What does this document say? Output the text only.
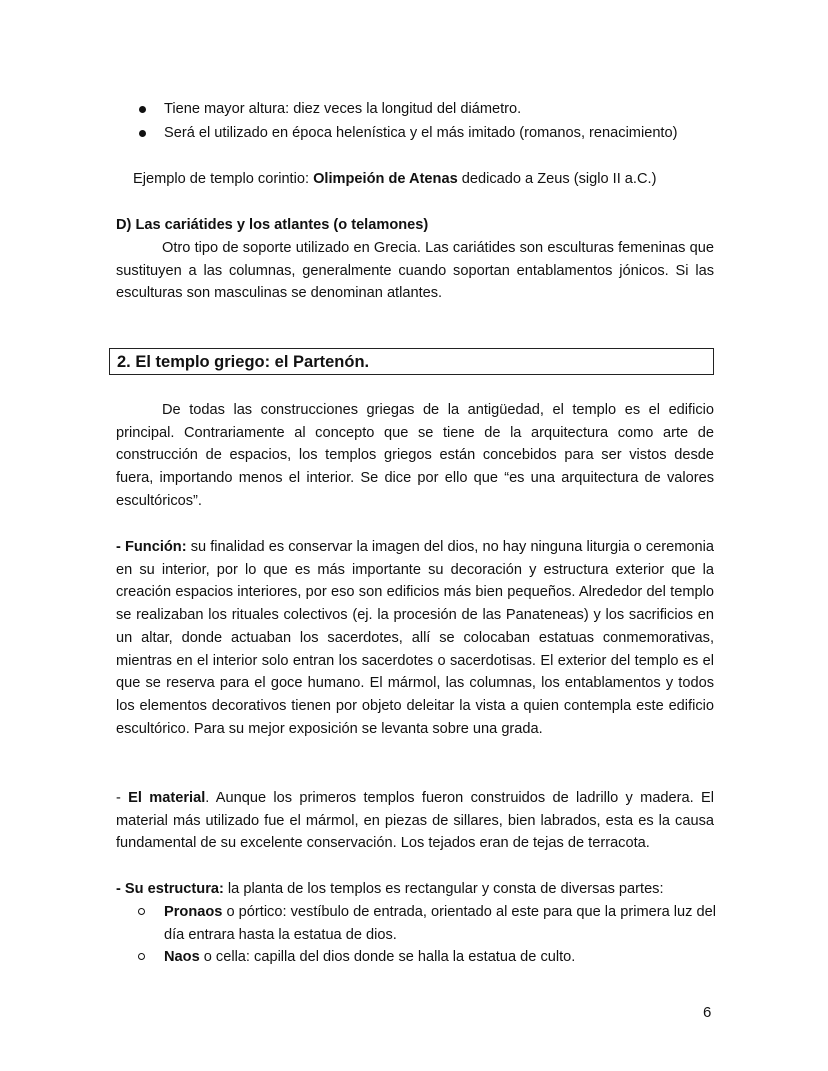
Tiene mayor altura: diez veces la longitud del diámetro.
Será el utilizado en época helenística y el más imitado (romanos, renacimiento)
Ejemplo de templo corintio: Olimpeión de Atenas dedicado a Zeus (siglo II a.C.)
D) Las cariátides y los atlantes (o telamones)

Otro tipo de soporte utilizado en Grecia. Las cariátides son esculturas femeninas que sustituyen a las columnas, generalmente cuando soportan entablamentos jónicos. Si las esculturas son masculinas se denominan atlantes.

2. El templo griego: el Partenón.

De todas las construcciones griegas de la antigüedad, el templo es el edificio principal. Contrariamente al concepto que se tiene de la arquitectura como arte de construcción de espacios, los templos griegos están concebidos para ser vistos desde fuera, importando menos el interior. Se dice por ello que “es una arquitectura de valores escultóricos”.

- Función: su finalidad es conservar la imagen del dios, no hay ninguna liturgia o ceremonia en su interior, por lo que es más importante su decoración y estructura exterior que la creación espacios interiores, por eso son edificios más bien pequeños. Alrededor del templo se realizaban los rituales colectivos (ej. la procesión de las Panateneas) y los sacrificios en un altar, donde actuaban los sacerdotes, allí se colocaban estatuas conmemorativas, mientras en el interior solo entran los sacerdotes o sacerdotisas. El exterior del templo es el que se reserva para el goce humano. El mármol, las columnas, los entablamentos y todos los elementos decorativos tienen por objeto deleitar la vista a quien contempla este edificio escultórico. Para su mejor exposición se levanta sobre una grada.

- El material. Aunque los primeros templos fueron construidos de ladrillo y madera. El material más utilizado fue el mármol, en piezas de sillares, bien labrados, esta es la causa fundamental de su excelente conservación. Los tejados eran de tejas de terracota.

- Su estructura: la planta de los templos es rectangular y consta de diversas partes:
Pronaos o pórtico: vestíbulo de entrada, orientado al este para que la primera luz del día entrara hasta la estatua de dios.
Naos o cella: capilla del dios donde se halla la estatua de culto.
6
